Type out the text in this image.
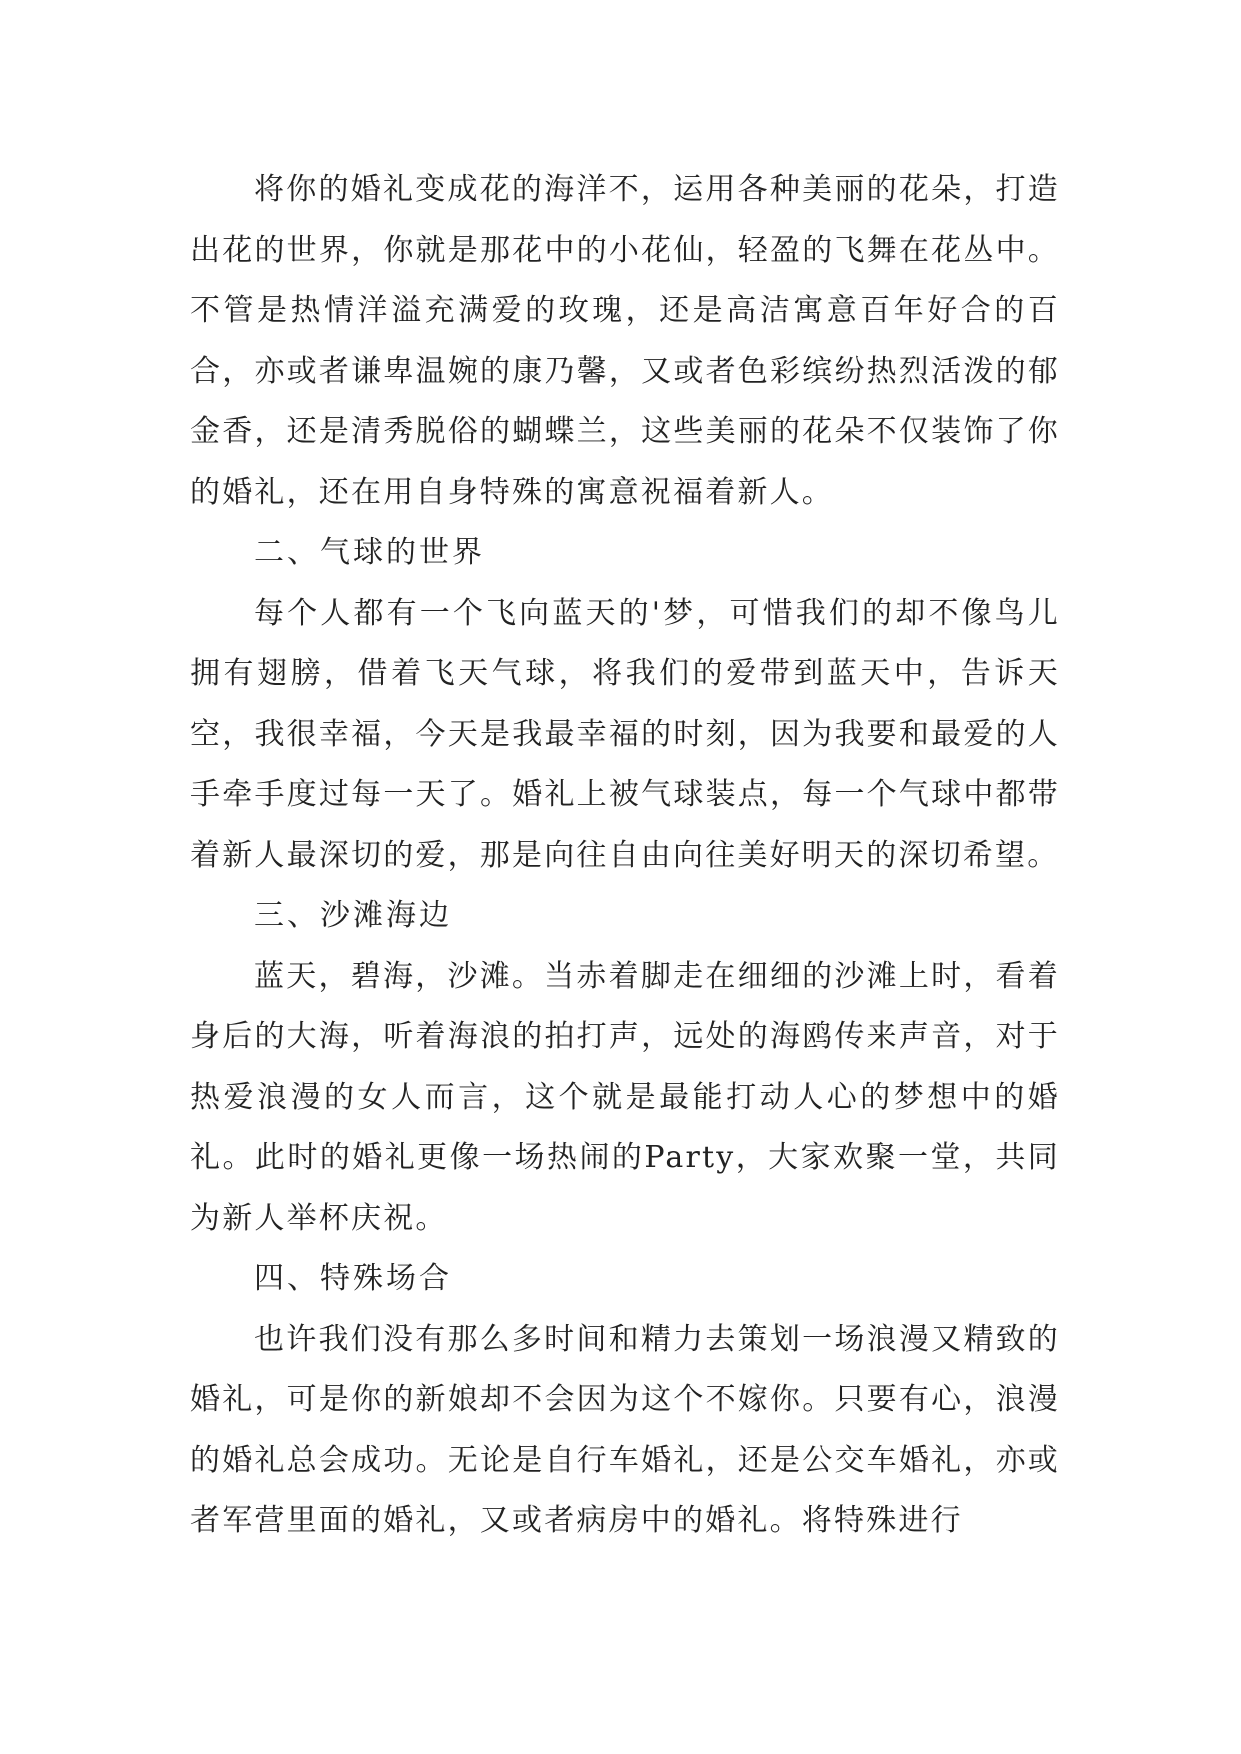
将你的婚礼变成花的海洋不，运用各种美丽的花朵，打造出花的世界，你就是那花中的小花仙，轻盈的飞舞在花丛中。不管是热情洋溢充满爱的玫瑰，还是高洁寓意百年好合的百合，亦或者谦卑温婉的康乃馨，又或者色彩缤纷热烈活泼的郁金香，还是清秀脱俗的蝴蝶兰，这些美丽的花朵不仅装饰了你的婚礼，还在用自身特殊的寓意祝福着新人。

二、气球的世界

每个人都有一个飞向蓝天的'梦，可惜我们的却不像鸟儿拥有翅膀，借着飞天气球，将我们的爱带到蓝天中，告诉天空，我很幸福，今天是我最幸福的时刻，因为我要和最爱的人手牵手度过每一天了。婚礼上被气球装点，每一个气球中都带着新人最深切的爱，那是向往自由向往美好明天的深切希望。

三、沙滩海边

蓝天，碧海，沙滩。当赤着脚走在细细的沙滩上时，看着身后的大海，听着海浪的拍打声，远处的海鸥传来声音，对于热爱浪漫的女人而言，这个就是最能打动人心的梦想中的婚礼。此时的婚礼更像一场热闹的Party，大家欢聚一堂，共同为新人举杯庆祝。

四、特殊场合

也许我们没有那么多时间和精力去策划一场浪漫又精致的婚礼，可是你的新娘却不会因为这个不嫁你。只要有心，浪漫的婚礼总会成功。无论是自行车婚礼，还是公交车婚礼，亦或者军营里面的婚礼，又或者病房中的婚礼。将特殊进行
